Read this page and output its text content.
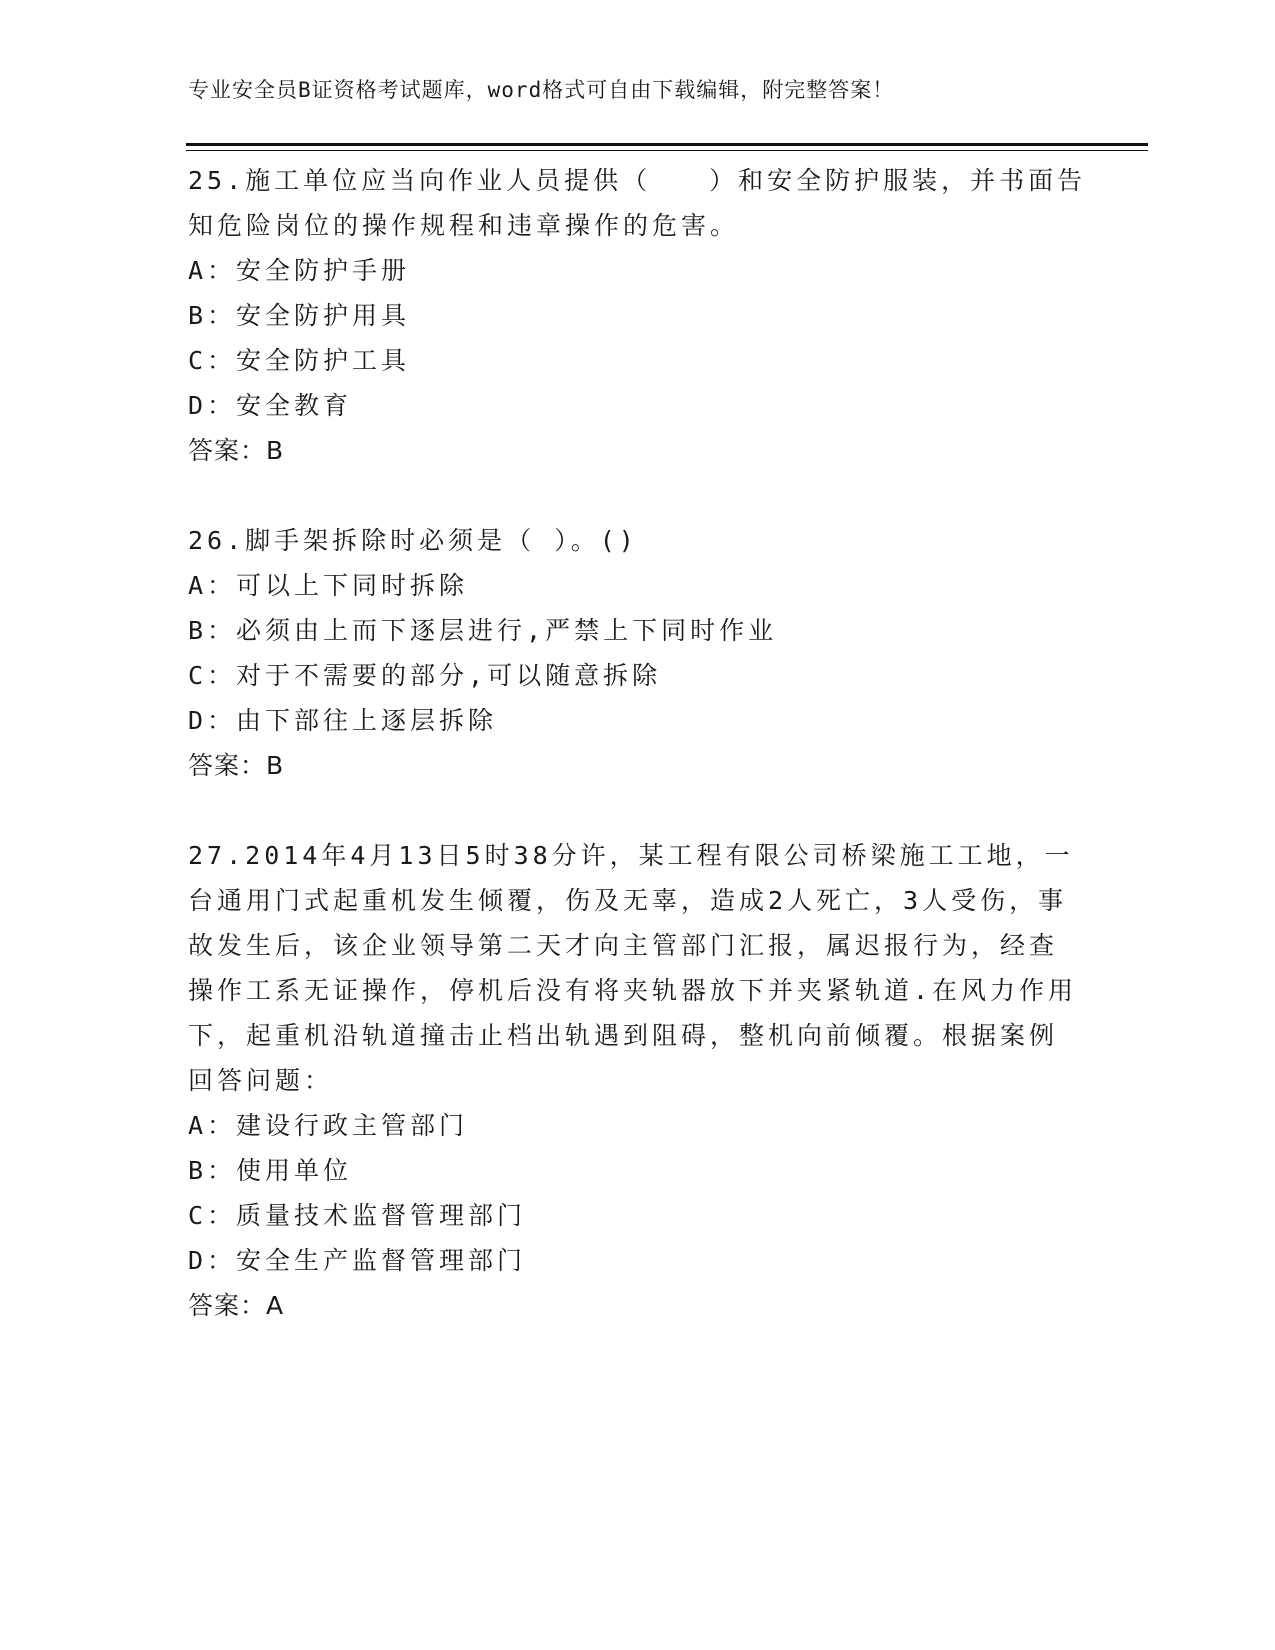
专业安全员B证资格考试题库，word格式可自由下载编辑，附完整答案！

25.施工单位应当向作业人员提供（　　）和安全防护服装，并书面告

知危险岗位的操作规程和违章操作的危害。

A：安全防护手册

B：安全防护用具

C：安全防护工具

D：安全教育

答案：B

26.脚手架拆除时必须是（ ）。()

A：可以上下同时拆除

B：必须由上而下逐层进行,严禁上下同时作业

C：对于不需要的部分,可以随意拆除

D：由下部往上逐层拆除

答案：B

27.2014年4月13日5时38分许，某工程有限公司桥梁施工工地，一

台通用门式起重机发生倾覆，伤及无辜，造成2人死亡，3人受伤，事

故发生后，该企业领导第二天才向主管部门汇报，属迟报行为，经查

操作工系无证操作，停机后没有将夹轨器放下并夹紧轨道.在风力作用

下，起重机沿轨道撞击止档出轨遇到阻碍，整机向前倾覆。根据案例

回答问题：

A：建设行政主管部门

B：使用单位

C：质量技术监督管理部门

D：安全生产监督管理部门

答案：A
